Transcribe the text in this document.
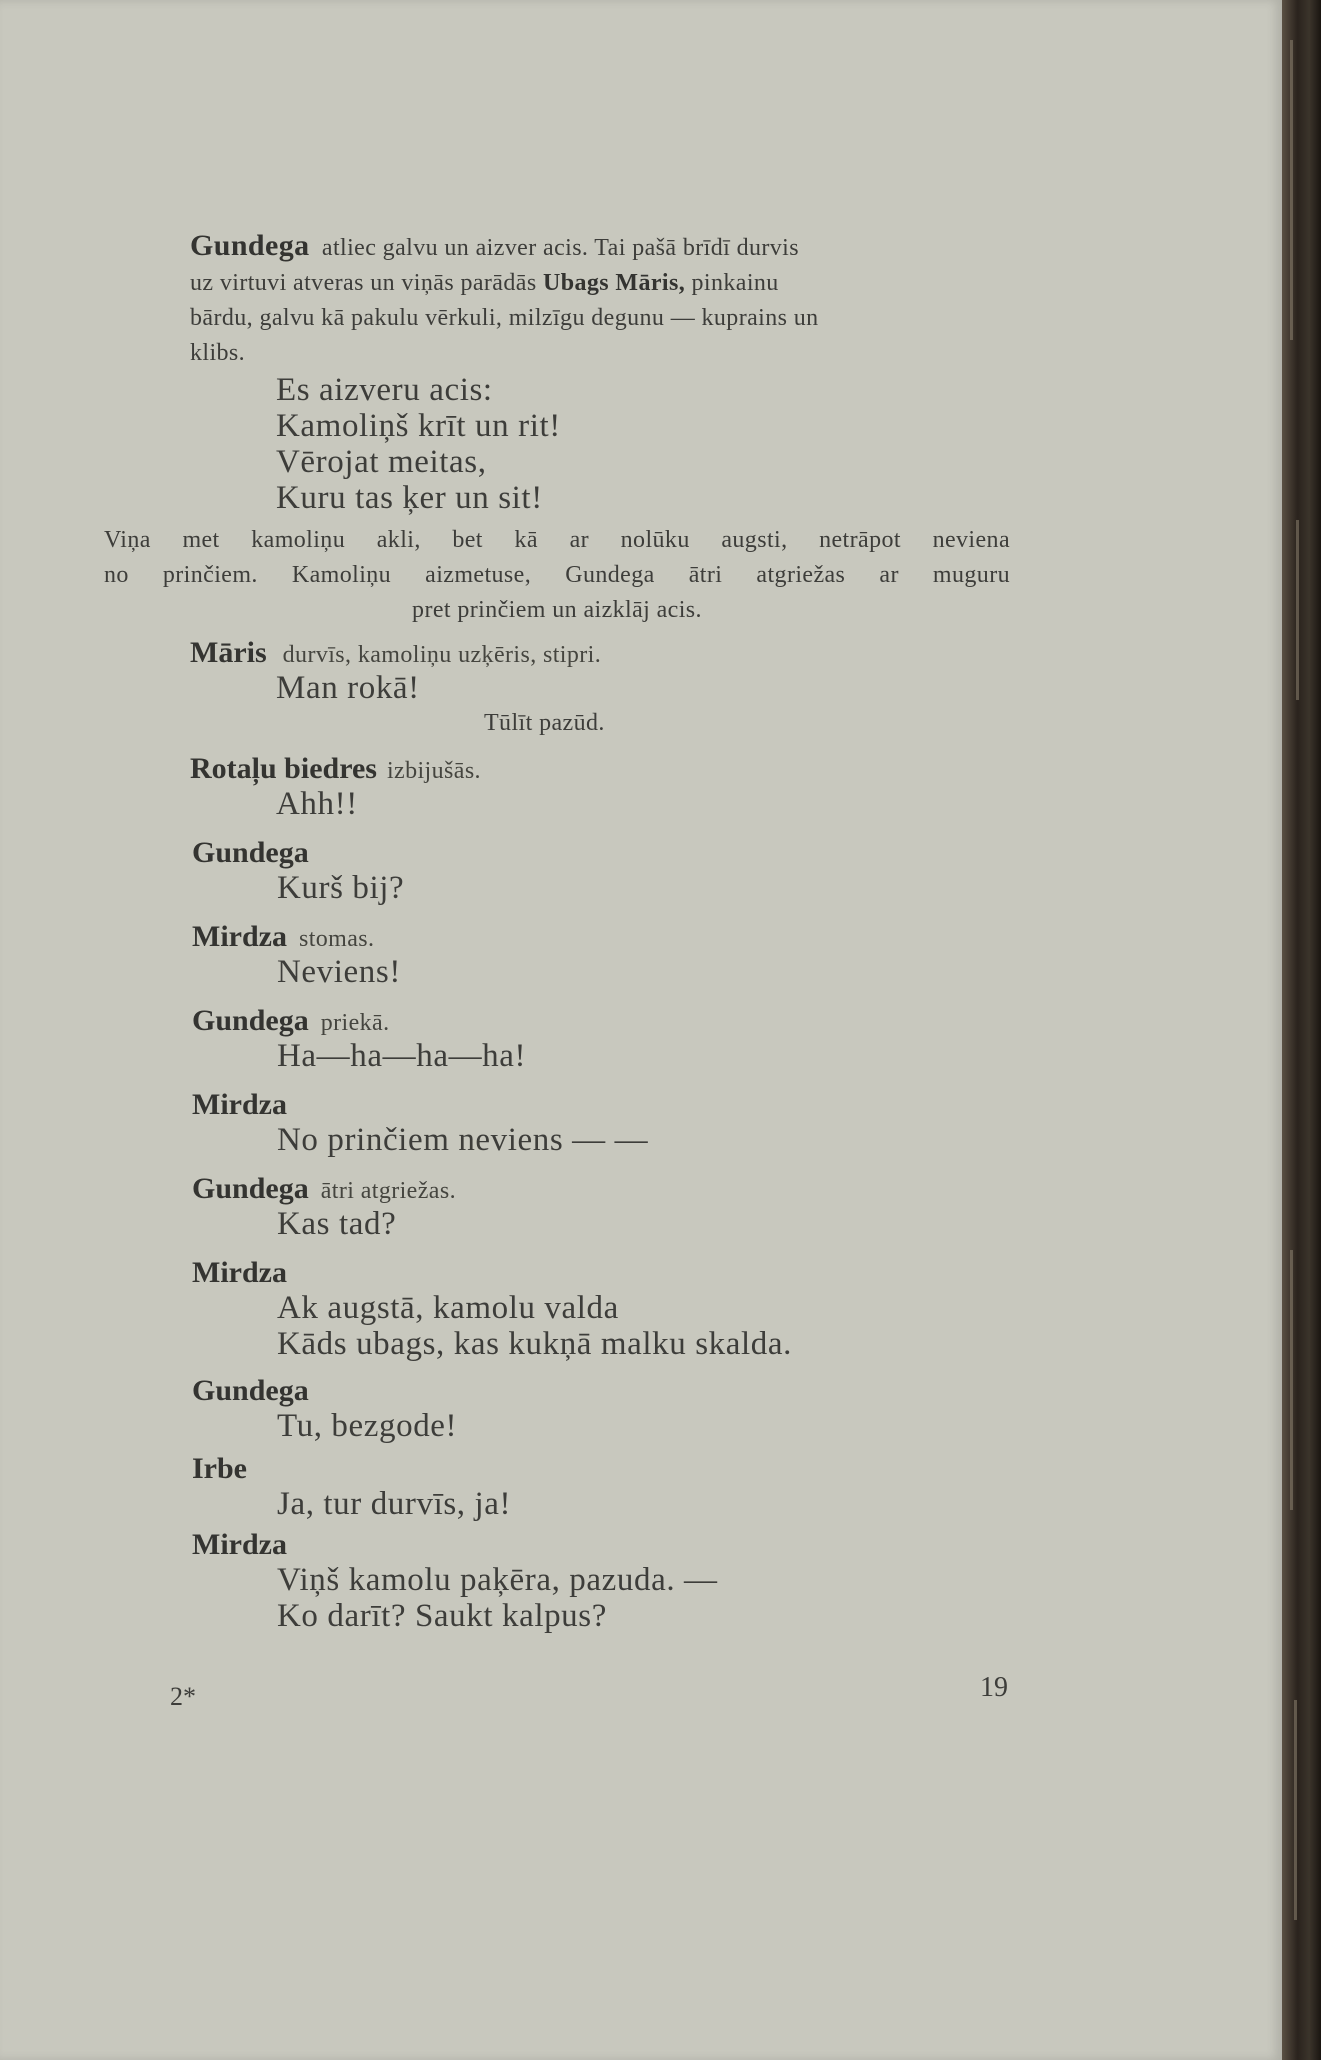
Gundega atliec galvu un aizver acis. Tai pašā brīdī durvis
uz virtuvi atveras un viņās parādās Ubags Māris, pinkainu
bārdu, galvu kā pakulu vērkuli, milzīgu degunu — kuprains un
klibs.
Es aizveru acis:
Kamoliņš krīt un rit!
Vērojat meitas,
Kuru tas ķer un sit!
Viņa met kamoliņu akli, bet kā ar nolūku augsti, netrāpot neviena
no prinčiem. Kamoliņu aizmetuse, Gundega ātri atgriežas ar muguru
pret prinčiem un aizklāj acis.
Māris durvīs, kamoliņu uzķēris, stipri.
Man rokā!
Tūlīt pazūd.
Rotaļu biedres izbijušās.
Ahh!!
Gundega
Kurš bij?
Mirdza stomas.
Neviens!
Gundega priekā.
Ha—ha—ha—ha!
Mirdza
No prinčiem neviens — —
Gundega ātri atgriežas.
Kas tad?
Mirdza
Ak augstā, kamolu valda
Kāds ubags, kas kukņā malku skalda.
Gundega
Tu, bezgode!
Irbe
Ja, tur durvīs, ja!
Mirdza
Viņš kamolu paķēra, pazuda. —
Ko darīt? Saukt kalpus?
2*	19
